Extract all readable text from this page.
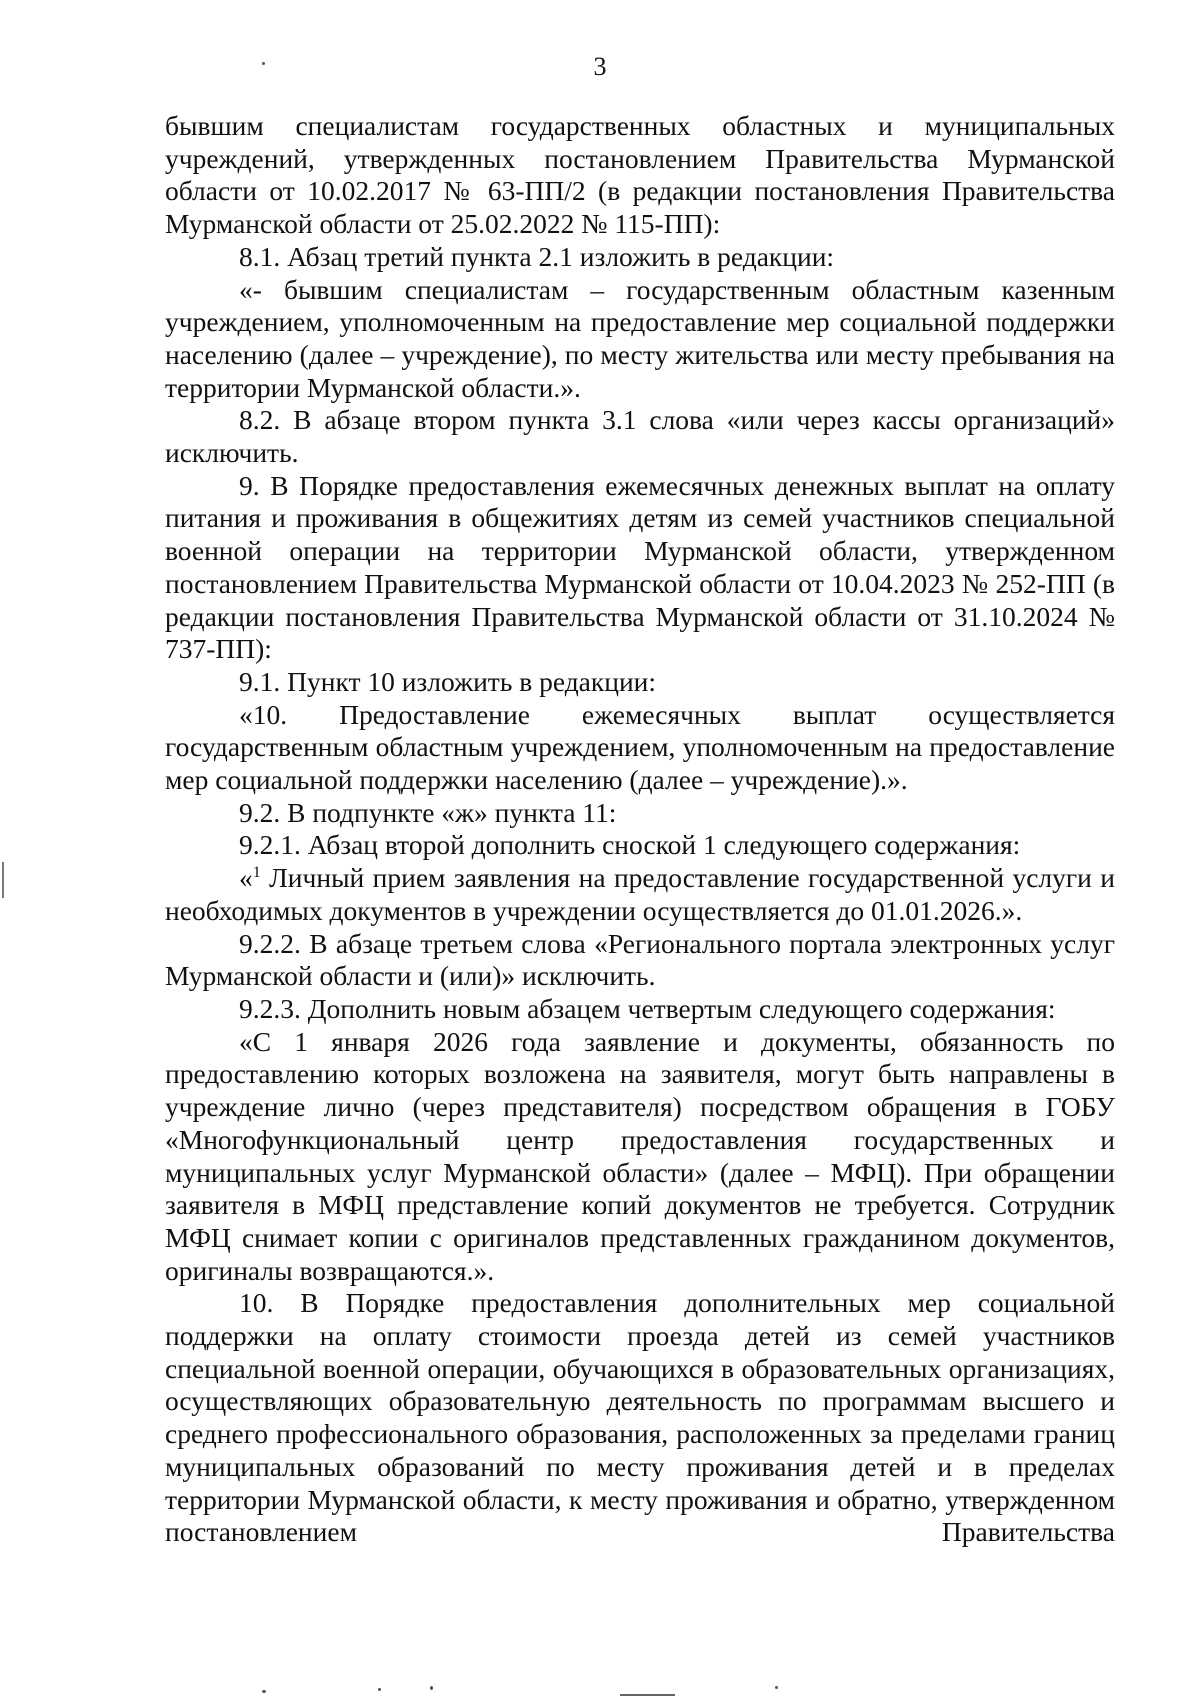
3

бывшим специалистам государственных областных и муниципальных учреждений, утвержденных постановлением Правительства Мурманской области от 10.02.2017 № 63-ПП/2 (в редакции постановления Правительства Мурманской области от 25.02.2022 № 115-ПП):

8.1. Абзац третий пункта 2.1 изложить в редакции:

«- бывшим специалистам – государственным областным казенным учреждением, уполномоченным на предоставление мер социальной поддержки населению (далее – учреждение), по месту жительства или месту пребывания на территории Мурманской области.».

8.2. В абзаце втором пункта 3.1 слова «или через кассы организаций» исключить.

9. В Порядке предоставления ежемесячных денежных выплат на оплату питания и проживания в общежитиях детям из семей участников специальной военной операции на территории Мурманской области, утвержденном постановлением Правительства Мурманской области от 10.04.2023 № 252-ПП (в редакции постановления Правительства Мурманской области от 31.10.2024 № 737-ПП):

9.1. Пункт 10 изложить в редакции:

«10. Предоставление ежемесячных выплат осуществляется государственным областным учреждением, уполномоченным на предоставление мер социальной поддержки населению (далее – учреждение).».

9.2. В подпункте «ж» пункта 11:

9.2.1. Абзац второй дополнить сноской 1 следующего содержания:

«$^1$ Личный прием заявления на предоставление государственной услуги и необходимых документов в учреждении осуществляется до 01.01.2026.».

9.2.2. В абзаце третьем слова «Регионального портала электронных услуг Мурманской области и (или)» исключить.

9.2.3. Дополнить новым абзацем четвертым следующего содержания:

«С 1 января 2026 года заявление и документы, обязанность по предоставлению которых возложена на заявителя, могут быть направлены в учреждение лично (через представителя) посредством обращения в ГОБУ «Многофункциональный центр предоставления государственных и муниципальных услуг Мурманской области» (далее – МФЦ). При обращении заявителя в МФЦ представление копий документов не требуется. Сотрудник МФЦ снимает копии с оригиналов представленных гражданином документов, оригиналы возвращаются.».

10. В Порядке предоставления дополнительных мер социальной поддержки на оплату стоимости проезда детей из семей участников специальной военной операции, обучающихся в образовательных организациях, осуществляющих образовательную деятельность по программам высшего и среднего профессионального образования, расположенных за пределами границ муниципальных образований по месту проживания детей и в пределах территории Мурманской области, к месту проживания и обратно, утвержденном постановлением Правительства
